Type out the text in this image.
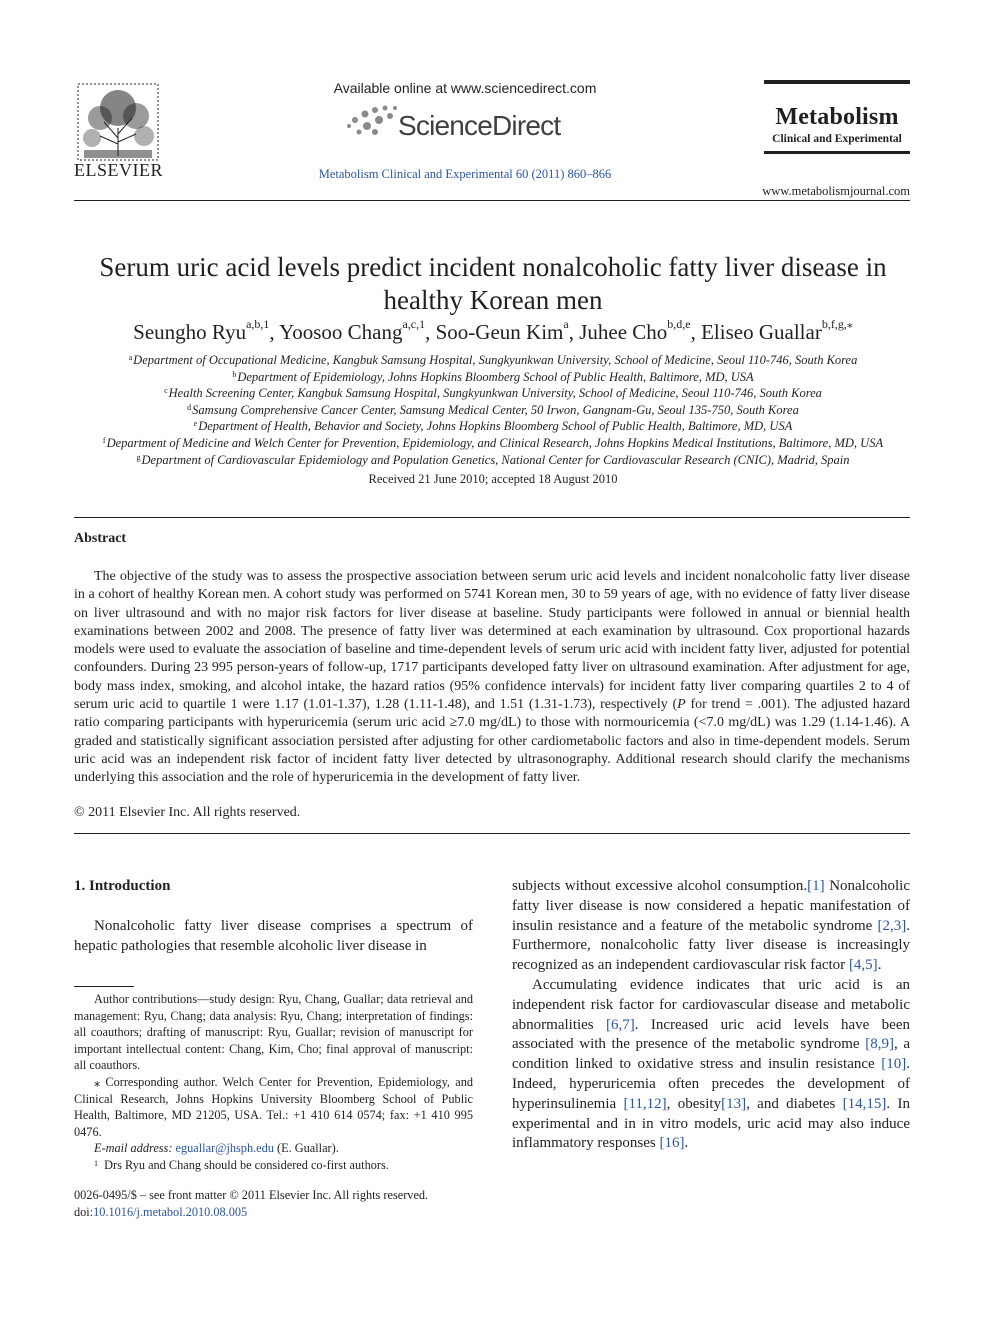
ELSEVIER
Available online at www.sciencedirect.com
ScienceDirect
Metabolism Clinical and Experimental 60 (2011) 860–866
Metabolism
Clinical and Experimental
www.metabolismjournal.com
Serum uric acid levels predict incident nonalcoholic fatty liver disease in healthy Korean men
Seungho Ryu$^{a,b,1}$, Yoosoo Chang$^{a,c,1}$, Soo-Geun Kim$^a$, Juhee Cho$^{b,d,e}$, Eliseo Guallar$^{b,f,g,⁎}$
$^a$Department of Occupational Medicine, Kangbuk Samsung Hospital, Sungkyunkwan University, School of Medicine, Seoul 110-746, South Korea
$^b$Department of Epidemiology, Johns Hopkins Bloomberg School of Public Health, Baltimore, MD, USA
$^c$Health Screening Center, Kangbuk Samsung Hospital, Sungkyunkwan University, School of Medicine, Seoul 110-746, South Korea
$^d$Samsung Comprehensive Cancer Center, Samsung Medical Center, 50 Irwon, Gangnam-Gu, Seoul 135-750, South Korea
$^e$Department of Health, Behavior and Society, Johns Hopkins Bloomberg School of Public Health, Baltimore, MD, USA
$^f$Department of Medicine and Welch Center for Prevention, Epidemiology, and Clinical Research, Johns Hopkins Medical Institutions, Baltimore, MD, USA
$^g$Department of Cardiovascular Epidemiology and Population Genetics, National Center for Cardiovascular Research (CNIC), Madrid, Spain
Received 21 June 2010; accepted 18 August 2010
Abstract

The objective of the study was to assess the prospective association between serum uric acid levels and incident nonalcoholic fatty liver disease in a cohort of healthy Korean men. A cohort study was performed on 5741 Korean men, 30 to 59 years of age, with no evidence of fatty liver disease on liver ultrasound and with no major risk factors for liver disease at baseline. Study participants were followed in annual or biennial health examinations between 2002 and 2008. The presence of fatty liver was determined at each examination by ultrasound. Cox proportional hazards models were used to evaluate the association of baseline and time-dependent levels of serum uric acid with incident fatty liver, adjusted for potential confounders. During 23 995 person-years of follow-up, 1717 participants developed fatty liver on ultrasound examination. After adjustment for age, body mass index, smoking, and alcohol intake, the hazard ratios (95% confidence intervals) for incident fatty liver comparing quartiles 2 to 4 of serum uric acid to quartile 1 were 1.17 (1.01-1.37), 1.28 (1.11-1.48), and 1.51 (1.31-1.73), respectively (P for trend = .001). The adjusted hazard ratio comparing participants with hyperuricemia (serum uric acid ≥7.0 mg/dL) to those with normouricemia (<7.0 mg/dL) was 1.29 (1.14-1.46). A graded and statistically significant association persisted after adjusting for other cardiometabolic factors and also in time-dependent models. Serum uric acid was an independent risk factor of incident fatty liver detected by ultrasonography. Additional research should clarify the mechanisms underlying this association and the role of hyperuricemia in the development of fatty liver.

© 2011 Elsevier Inc. All rights reserved.
1. Introduction

Nonalcoholic fatty liver disease comprises a spectrum of hepatic pathologies that resemble alcoholic liver disease in

Author contributions—study design: Ryu, Chang, Guallar; data retrieval and management: Ryu, Chang; data analysis: Ryu, Chang; interpretation of findings: all coauthors; drafting of manuscript: Ryu, Guallar; revision of manuscript for important intellectual content: Chang, Kim, Cho; final approval of manuscript: all coauthors.

⁎ Corresponding author. Welch Center for Prevention, Epidemiology, and Clinical Research, Johns Hopkins University Bloomberg School of Public Health, Baltimore, MD 21205, USA. Tel.: +1 410 614 0574; fax: +1 410 995 0476.

E-mail address: eguallar@jhsph.edu (E. Guallar).

$^1$ Drs Ryu and Chang should be considered co-first authors.

0026-0495/$ – see front matter © 2011 Elsevier Inc. All rights reserved.
doi:10.1016/j.metabol.2010.08.005

subjects without excessive alcohol consumption.[1] Nonalcoholic fatty liver disease is now considered a hepatic manifestation of insulin resistance and a feature of the metabolic syndrome [2,3]. Furthermore, nonalcoholic fatty liver disease is increasingly recognized as an independent cardiovascular risk factor [4,5].

Accumulating evidence indicates that uric acid is an independent risk factor for cardiovascular disease and metabolic abnormalities [6,7]. Increased uric acid levels have been associated with the presence of the metabolic syndrome [8,9], a condition linked to oxidative stress and insulin resistance [10]. Indeed, hyperuricemia often precedes the development of hyperinsulinemia [11,12], obesity[13], and diabetes [14,15]. In experimental and in in vitro models, uric acid may also induce inflammatory responses [16].
